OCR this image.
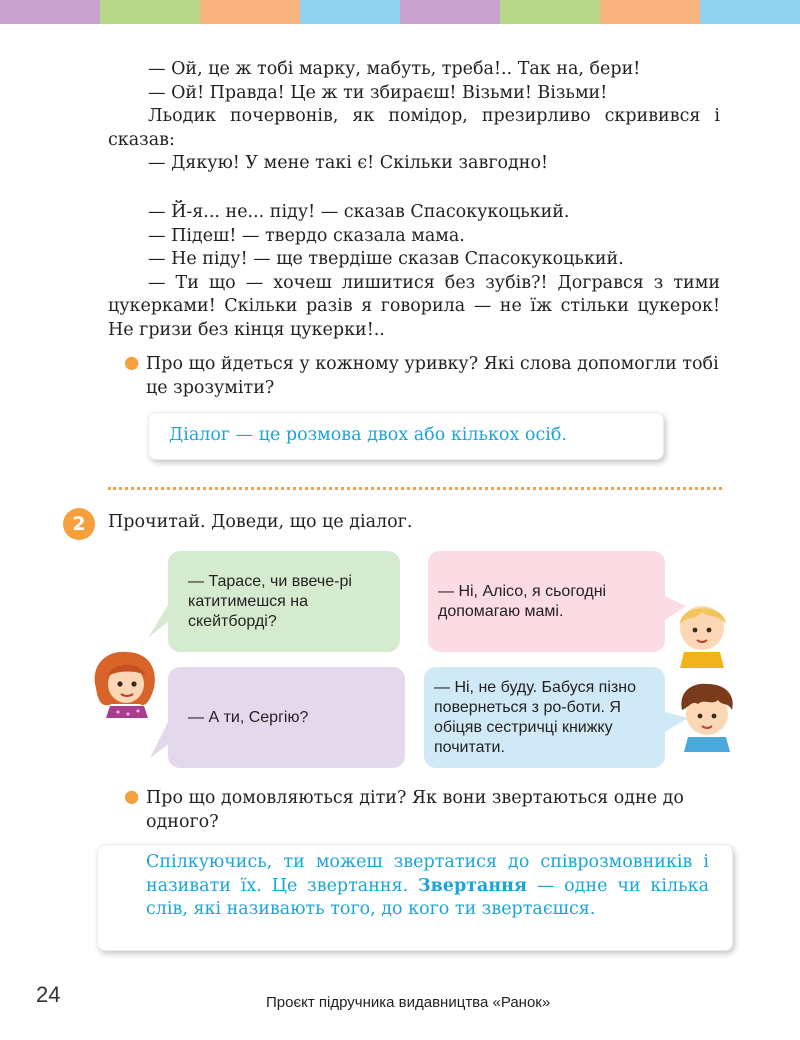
— Ой, це ж тобі марку, мабуть, треба!.. Так на, бери!

— Ой! Правда! Це ж ти збираєш! Візьми! Візьми!

Льодик почервонів, як помідор, презирливо скривився і сказав:

— Дякую! У мене такі є! Скільки завгодно!

— Й-я... не... піду! — сказав Спасокукоцький.

— Підеш! — твердо сказала мама.

— Не піду! — ще твердіше сказав Спасокукоцький.

— Ти що — хочеш лишитися без зубів?! Догрався з тими цукерками! Скільки разів я говорила — не їж стільки цукерок! Не гризи без кінця цукерки!..

● Про що йдеться у кожному уривку? Які слова допомогли тобі це зрозуміти?
Діалог — це розмова двох або кількох осіб.
2	Прочитай. Доведи, що це діалог.
— Тарасе, чи ввече-рі катитимешся на скейтборді?
— Ні, Алісо, я сьогодні допомагаю мамі.
— А ти, Сергію?
— Ні, не буду. Бабуся пізно повернеться з ро-боти. Я обіцяв сестричці книжку почитати.
● Про що домовляються діти? Як вони звертаються одне до одного?
Спілкуючись, ти можеш звертатися до співрозмовників і називати їх. Це звертання. Звертання — одне чи кілька слів, які називають того, до кого ти звертаєшся.
24	Проєкт підручника видавництва «Ранок»
